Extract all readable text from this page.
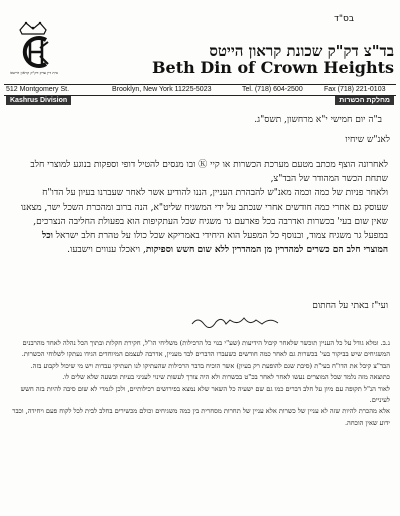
בס"ד
בית דין צדק דק"ק קראון הייטס
בד"צ דק"ק שכונת קראון הייטס
Beth Din of Crown Heights
512 Montgomery St.	Brooklyn, New York 11225-5023	Tel. (718) 604-2500	Fax (718) 221-0103
Kashrus Division	מחלקת הכשרות
ב"ה יום חמישי י"א מרחשון, תשס"ג.
לאנ"ש שיחיו
לאחרונה הוצף מכתב מטעם מערכת הכשרות או קיי Ⓚ ובו מנסים להטיל דופי וספקות בנוגע למוצרי חלב שתחת הכשר המהודר של הבד"צ,
ולאחר פניות של כמה וכמה מאנ"ש להבהרת העניין, הננו להודיע אשר לאחר שעברנו בעיון על הדו"ח שעוסק גם אחרי כמה חודשים אחרי שנכתב על ידי המשגיח שליט"א, הנה ברוב ומהכרת השכל ישר, מצאנו שאין שום בעי' בכשרות ואדרבה בכל פארעם גר משגיח שכל העתקיפות הוא בפעולת החליבה הנצרכים, במפעל גר משגיח צמוד, ובנוסף כל המפעל הוא היחידי באמריקא שכל כולו על טהרת חלב ישראל וכל המוצרי חלב הם כשרים למהדרין מן המהדרין ללא שום חשש וספיקות, ויאכלו ענווים וישבעו.
ועי"ז באתי על החתום
נ.ב. ומלא גודל על כל העניין תוכשר שלאחר קיבול הידיעות (שע"י בנוי כל הרכילות) משליחי הו"ל, חקירת חקלות ובתוך הכל נהלה לאחד מהרבנים המשגיחים שיש בביקור בעי' בכשרות גם לאחר כמה חודשים כשעברו הדברים לבד מעניין, אדרבה לעצמם המיוחדים הגידו נעתקו לשלוחי הכשרות.
הבד"צ קיבל את הדו"ח בעי"ת (סיבת שגם להופעת רק בעיון) אשר הוכיח בדבר הרכילות שהעתיקו לנו תעתיקי עבדות ויש מי שיכול לקבוע בזה.
כתוצאה מזה נלמד שכל המוצרים נעשו לאחר לאחר בכ"ט בכשרות ולא היה צורך לעשות שינוי לעניני בעיות ובשעה שלא שלים לו.
לאור הנ"ל תקופה עם מיון על חלב דברים כמו גם שם ישעיה כל השאר שלא נמצא בפירושים רכילותיים, ולכן לגמרי לא שום סיבה להיות בזה חשש לעיניים.
אלא מהכרת להיות שזה לא עניין של כשרות אלא עניין של תחרות מסחרית בין כמה משגיחים וכולם מכשירים בחלב לבית לכל לקוח פעם ויחידה, וכבר ידוע שאין הוכחה.
